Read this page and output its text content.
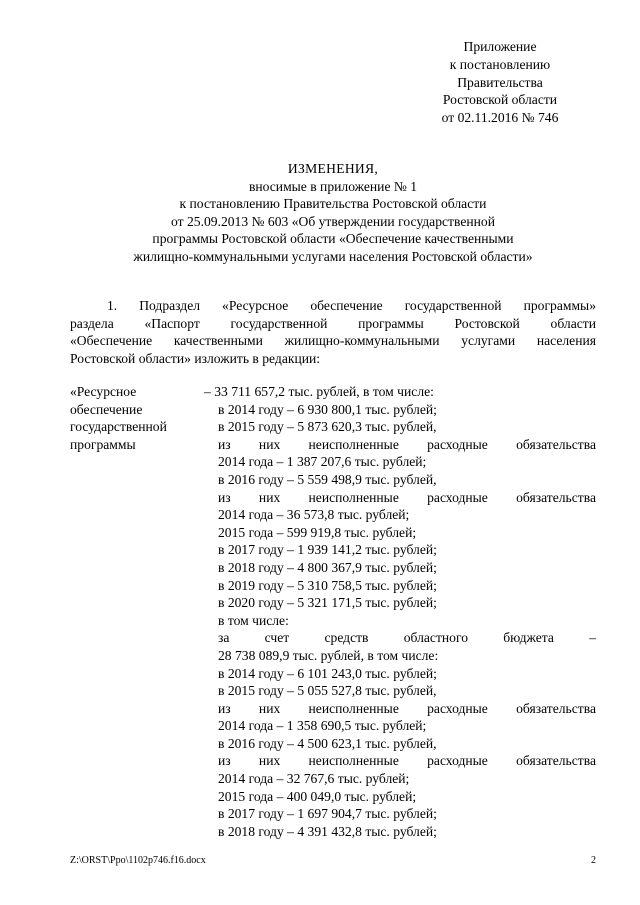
Приложение
к постановлению
Правительства
Ростовской области
от 02.11.2016 № 746
ИЗМЕНЕНИЯ,
вносимые в приложение № 1
к постановлению Правительства Ростовской области
от 25.09.2013 № 603 «Об утверждении государственной
программы Ростовской области «Обеспечение качественными
жилищно-коммунальными услугами населения Ростовской области»
1. Подраздел «Ресурсное обеспечение государственной программы»
раздела «Паспорт государственной программы Ростовской области
«Обеспечение качественными жилищно-коммунальными услугами населения
Ростовской области» изложить в редакции:
«Ресурсное
обеспечение
государственной
программы
– 33 711 657,2 тыс. рублей, в том числе:
в 2014 году – 6 930 800,1 тыс. рублей;
в 2015 году – 5 873 620,3 тыс. рублей,
из них неисполненные расходные обязательства
2014 года – 1 387 207,6 тыс. рублей;
в 2016 году – 5 559 498,9 тыс. рублей,
из них неисполненные расходные обязательства
2014 года – 36 573,8 тыс. рублей;
2015 года – 599 919,8 тыс. рублей;
в 2017 году – 1 939 141,2 тыс. рублей;
в 2018 году – 4 800 367,9 тыс. рублей;
в 2019 году – 5 310 758,5 тыс. рублей;
в 2020 году – 5 321 171,5 тыс. рублей;
в том числе:
за счет средств областного бюджета –
28 738 089,9 тыс. рублей, в том числе:
в 2014 году – 6 101 243,0 тыс. рублей;
в 2015 году – 5 055 527,8 тыс. рублей,
из них неисполненные расходные обязательства
2014 года – 1 358 690,5 тыс. рублей;
в 2016 году – 4 500 623,1 тыс. рублей,
из них неисполненные расходные обязательства
2014 года – 32 767,6 тыс. рублей;
2015 года – 400 049,0 тыс. рублей;
в 2017 году – 1 697 904,7 тыс. рублей;
в 2018 году – 4 391 432,8 тыс. рублей;
Z:\ORST\Ppo\1102p746.f16.docx	2
